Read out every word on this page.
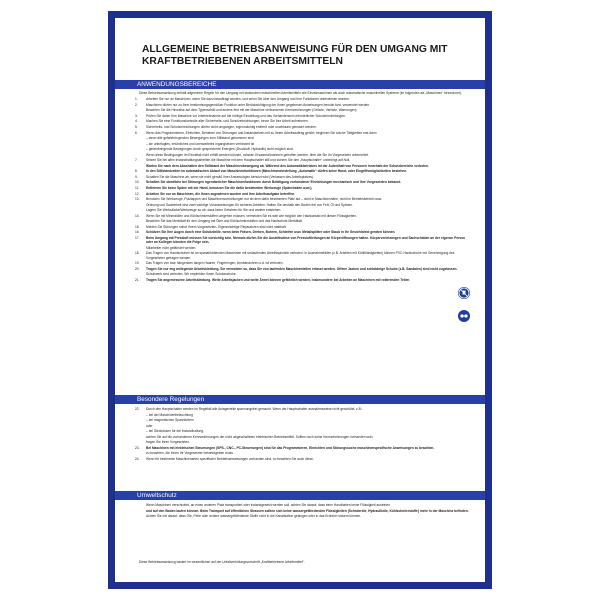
ALLGEMEINE BETRIEBSANWEISUNG FÜR DEN UMGANG MIT KRAFTBETRIEBENEN ARBEITSMITTELN
ANWENDUNGSBEREICHE
Diese Betriebsanweisung enthält allgemeine Regeln für den Umgang mit stationären maschinellen Arbeitsmitteln wie Einzelmaschinen als auch automatische maschinellen Systeme (im folgenden als „Maschinen“ bezeichnet).
1.	Arbeiten Sie nur an Maschinen, wenn Sie dazu beauftragt wurden, und wenn Sie über den Umgang und Ihre Funktionen unterwiesen wurden.
2.	Maschinen dürfen nur zu Ihrer bestimmungsgemäßen Funktion unter Berücksichtigung der Ihnen gegebenen Anweisungen benutzt bzw. verwendet werden.
Beachten Sie die Hinweise auf dem Typenschild und andere fest mit der Maschine verbundenen Kennzeichnungen (Gebote, Verbote, Warnungen).
3.	Prüfen Sie daher Ihre Maschine vor Inbetriebnahme auf die richtige Einstellung und das Vorhandensein erforderlicher Schutzeinrichtungen.
4.	Machen Sie eine Funktionskontrolle aller Sicherheits- und Schutzeinrichtungen, bevor Sie Ihre Arbeit aufnehmen.
5.	Sicherheits- und Schutzeinrichtungen dürfen nicht umgangen, eigenmächtig entfernt oder unwirksam gemacht werden.
6.	Wenn das Programmieren, Einrichten, Beheben von Störungen und Instandsetzen mit zu Ihrem Arbeitsauftrag gehört, beginnen Sie solche Tätigkeiten erst dann
– wenn alle gefahrbringenden Bewegungen zum Stillstand gekommen sind
– sie unbefugtes, irrtümliches und unerwartetes Ingangsetzen verhindert ist
– gefahrbringende Bewegungen durch gespeicherte Energien (Druckluft, Hydraulik) nicht möglich sind.
Wenn diese Bedingungen im Einzelfall nicht erfüllt werden können, müssen Ersatzmaßnahmen getroffen werden, über die Sie Ihr Vorgesetzter unterrichtet.
7.	Setzen Sie bei allen Instandhaltungsarbeiten die Maschine mit dem Hauptschalter still und sichern Sie den „Hauptschalter“ unbedingt auf Null.
Warten Sie nach dem Abschalten den Stillstand der Maschinenbewegung ab. Während des Automatikbetriebes ist der Aufenthalt von Personen innerhalb der Schutzbereiche verboten.
8.	In den Stillstandzeiten im automatischen Ablauf von Maschinenfunktionen (Maschineneinstellung „Automatik“ dürfen keine Hand- oder Eingriffsmöglichkeiten bestehen.
9.	Schalten Sie die Maschine ab, wenn sie nicht gemäß Ihrer Anweisungen benutzt wird (Verlassen des Arbeitsplatzes).
10.	Schalten Sie sämtliche bei Störungen irgendwelcher Maschinenfunktionen durch Betätigung vorhandener Einrichtungen mechanisch und Ihre Vorgesetzten bekannt.
11.	Entfernen Sie keine Späne mit der Hand, benutzen Sie die dafür bestimmten Werkzeuge (Spänehaken usw.).
12.	Arbeiten Sie nur an Maschinen, die Ihnen zugewiesen wurden und Ihre Arbeitsaufgabe betreffen.
13.	Benutzen Sie Werkzeuge, Putzlappen und Maschinenvorrichtungen nur an dem dafür bestimmten Platz auf – nicht in Maschinennähe, nicht im Betriebsbereich usw.
Ordnung und Sauberkeit sind zwei wichtige Voraussetzungen für sicheres Arbeiten. Halten Sie deshalb den Boden frei von Fett, Öl und Spänen.
Lagern Sie Werkstücke/Werkzeuge so ab, dass keine Gefahren für Sie und andere entstehen.
14.	Wenn Sie mit Mineralölen und Kühlschmierstoffen umgehen müssen, vermeiden Sie es weit wie möglich den Hautkontakt mit diesen Flüssigkeiten.
Beachten Sie das Merkblatt für den Umgang mit Ölen und Kühlschmierstoffen und das Hautschutz-Merkblatt.
15.	Melden Sie Störungen sofort Ihrem Vorgesetzten. Eigenmächtige Reparaturen sind nicht statthaft.
16.	Schützen Sie Ihre Augen durch eine Schutzbrille, wenn beim Fräsen, Drehen, Bohren, Schleifen usw. Metallsplitter oder Staub in Ihr Gesichtsfeld geraten können.
17.	Beim Umgang mit Pressluft müssen Sie vorsichtig sein. Niemals dürfen Sie die Austrittsdüse von Pressluftleitungen an Körperöffnungen halten. Körperverletzungen und Sachschäden an der eigenen Person oder an Kollegen könnten die Folge sein.
Mitarbeiter nicht gefährdet werden.
18.	Das Tragen von Handschuhen ist an spanabhebenden Maschinen mit umlaufenden Arbeitsspindeln verboten. In Ausnahmefällen (z.B. Arbeiten mit Kühlflüssigkeiten) können PVC-Handschuhe mit Genehmigung des Vorgesetzten getragen werden.
19.	Das Tragen von lose hängenden langen Haaren, Fingerringen, Armbanduhren u.ä. ist verboten.
20.	Tragen Sie nur eng anliegende Arbeitskleidung. Sie vermeiden so, dass Sie von laufenden Maschinenteilen erfasst werden. Offene Jacken und schlabbrige Schuhe (z.B. Sandalen) sind nicht zugelassen.
Schuhwerk sind verboten. Wir empfehlen Ihnen Schutzschuhe.
21.	Tragen Sie angemessene Arbeitskleidung. Weite Arbeitsjacken und weite Ärmel können gefährlich werden, insbesondere bei Arbeiten an Maschinen mit rotierenden Teilen
Besondere Regelungen
22.	Durch den Hauptschalter werden im Regelfall alle Anlagenteile spannungsfrei gemacht. Wenn der Hauptschalter ausnahmsweise nicht geschützt, z.B.:
– bei der Maschinenbeleuchtung
– bei magnetischen Spannfuttern
oder
– bei Steckdosen für die Instandhaltung,
achten Sie auf die vorhandenen Kennzeichnungen der nicht abgeschalteten elektrischen Betriebsmittel. Sollten noch keine Kennzeichnungen vorhanden sein,
fragen Sie Ihren Vorgesetzten.
23.	Bei Maschinen mit elektrischen Steuerungen (SPS-, CNC-, PC-Steuerungen) sind für das Programmieren, Einrichten und Störungssuche maschinenspezifische Anweisungen zu beachten.
zu beachten, die Ihnen Ihr Vorgesetzter bekanntgeben muss.
24.	Wenn für bestimmte Maschinenarten spezifische Betriebsanweisungen vorhanden sind, so beachten Sie auch diese.
Umweltschutz
Wenn Maschinen verschrottet, an einen anderen Platz transportiert oder instandgesetzt werden soll, achten Sie darauf, dass beim Handhaben keine Flüssigkeit austreten
und auf den Boden laufen können. Beim Transport auf öffentlichen Strassen sollten sich keine wassergefährdenden Flüssigkeiten (Schmieröle, Hydrauliköle, Kühlschmierstoffe) mehr in der Maschine befinden.
Achten Sie mit darauf, dass Öle, Fette oder andere wassergefährdende Stoffe nicht in die Kanalisation gelangen oder in das Erdreich sickern können.
Diese Betriebsanweisung basiert im wesentlichen auf der Unfallverhütungsvorschrift „Kraftbetriebene Arbeitsmittel“.
